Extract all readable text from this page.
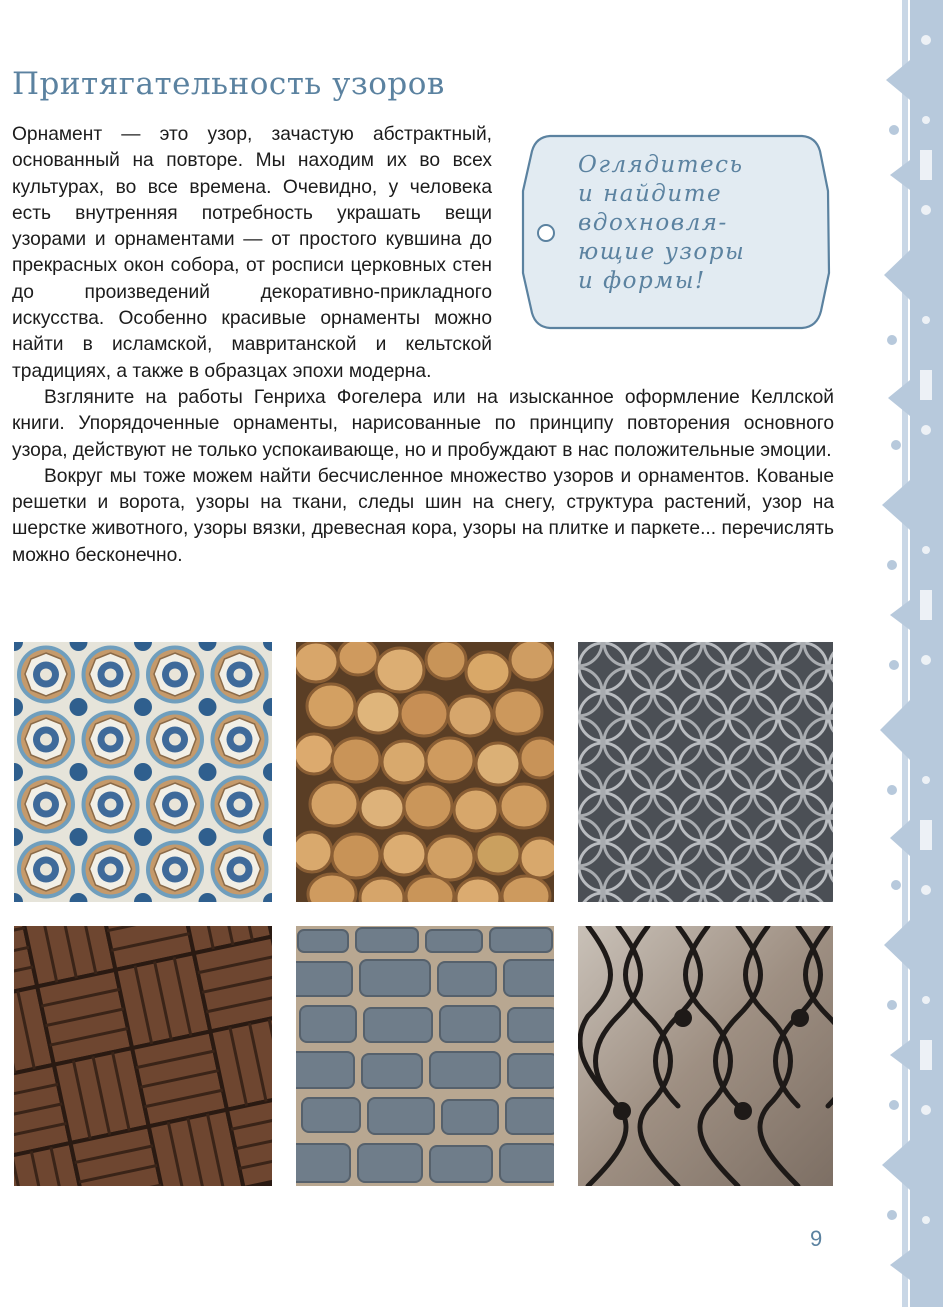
Притягательность узоров

Орнамент — это узор, зачастую абстрактный, основанный на повторе. Мы находим их во всех культурах, во все времена. Очевидно, у человека есть внутренняя потребность украшать вещи узорами и орнаментами — от простого кувшина до прекрасных окон собора, от росписи церковных стен до произведений декоративно-прикладного искусства. Особенно красивые орнаменты можно найти в исламской, мавританской и кельтской традициях, а также в образцах эпохи модерна.

Взгляните на работы Генриха Фогелера или на изысканное оформление Келлской книги. Упорядоченные орнаменты, нарисованные по принципу повторения основного узора, действуют не только успокаивающе, но и пробуждают в нас положительные эмоции.

Вокруг мы тоже можем найти бесчисленное множество узоров и орнаментов. Кованые решетки и ворота, узоры на ткани, следы шин на снегу, структура растений, узор на шерстке животного, узоры вязки, древесная кора, узоры на плитке и паркете... перечислять можно бесконечно.

Оглядитесь
и найдите
вдохновля-
ющие узоры
и формы!
9
